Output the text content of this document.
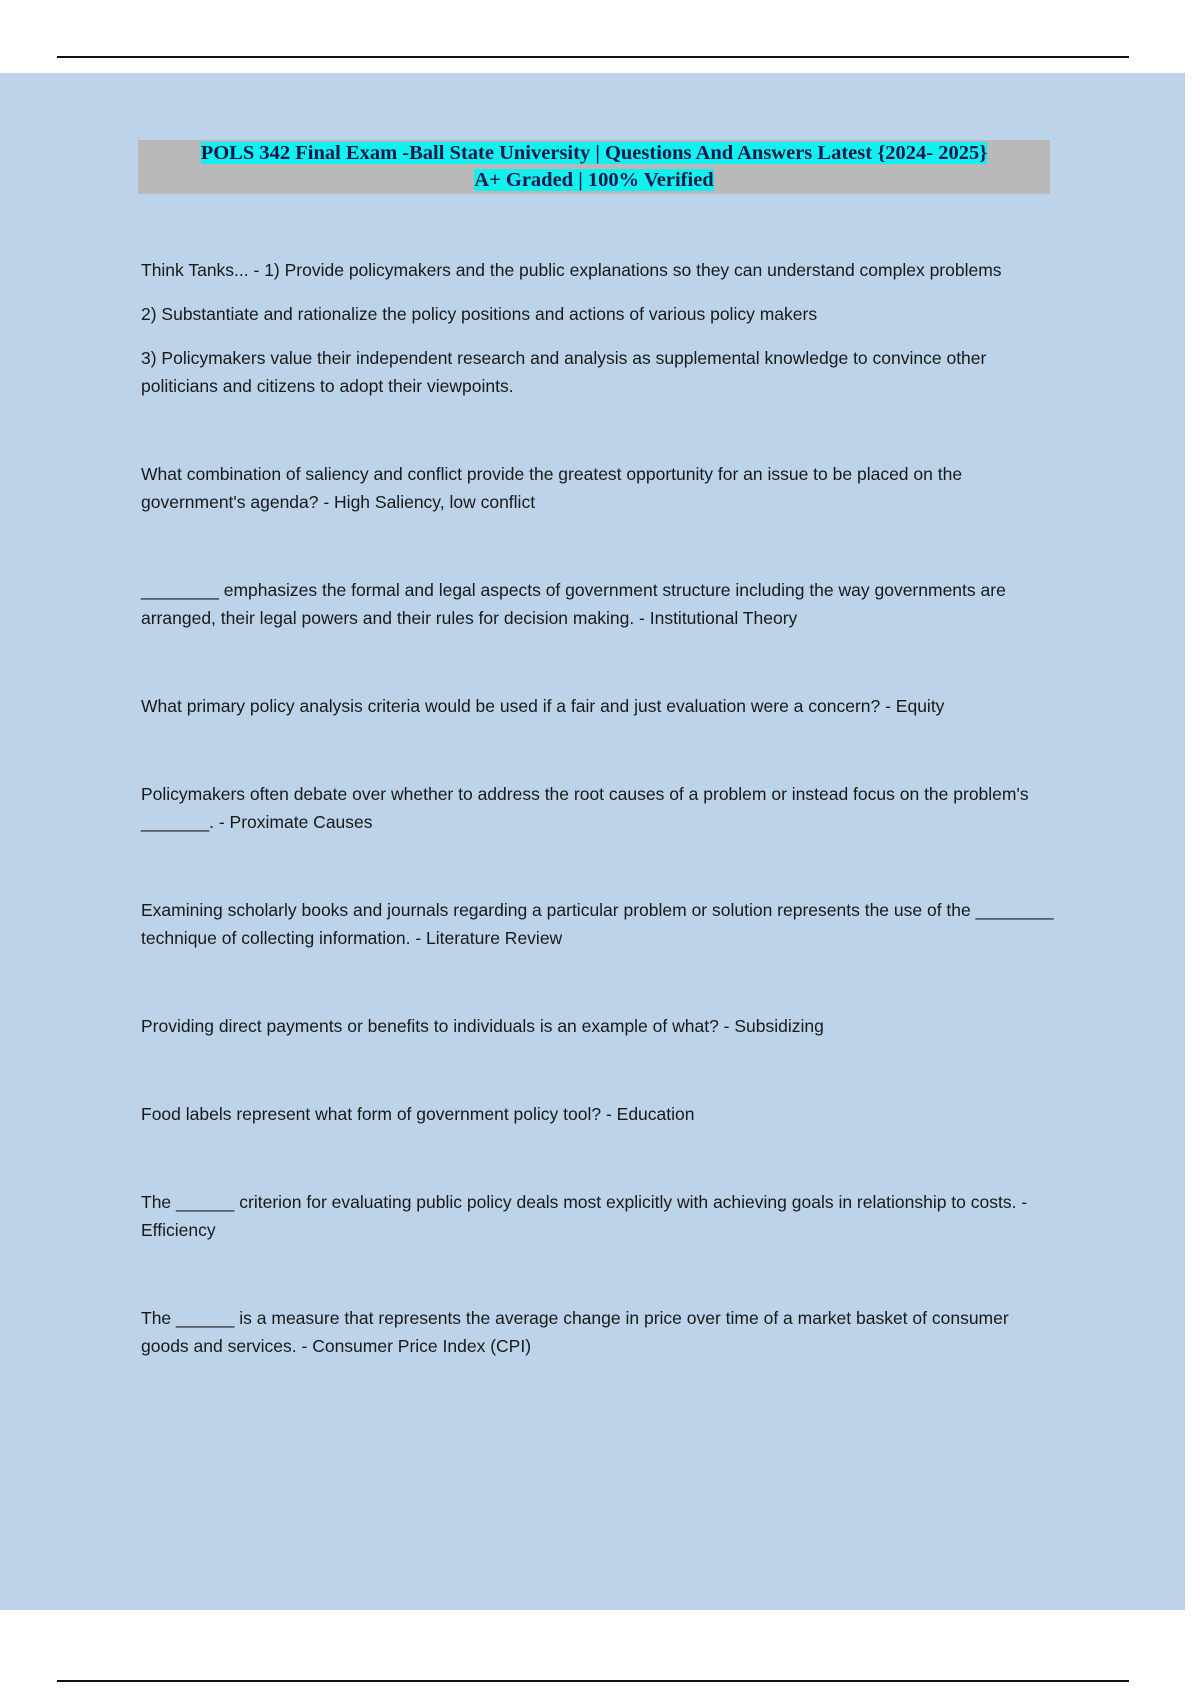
POLS 342 Final Exam -Ball State University | Questions And Answers Latest {2024- 2025}
A+ Graded | 100% Verified

Think Tanks... - 1) Provide policymakers and the public explanations so they can understand complex problems

2) Substantiate and rationalize the policy positions and actions of various policy makers

3) Policymakers value their independent research and analysis as supplemental knowledge to convince other politicians and citizens to adopt their viewpoints.

What combination of saliency and conflict provide the greatest opportunity for an issue to be placed on the government's agenda? - High Saliency, low conflict

________ emphasizes the formal and legal aspects of government structure including the way governments are arranged, their legal powers and their rules for decision making. - Institutional Theory

What primary policy analysis criteria would be used if a fair and just evaluation were a concern? - Equity

Policymakers often debate over whether to address the root causes of a problem or instead focus on the problem's _______. - Proximate Causes

Examining scholarly books and journals regarding a particular problem or solution represents the use of the ________ technique of collecting information. - Literature Review

Providing direct payments or benefits to individuals is an example of what? - Subsidizing

Food labels represent what form of government policy tool? - Education

The ______ criterion for evaluating public policy deals most explicitly with achieving goals in relationship to costs. - Efficiency

The ______ is a measure that represents the average change in price over time of a market basket of consumer goods and services. - Consumer Price Index (CPI)
